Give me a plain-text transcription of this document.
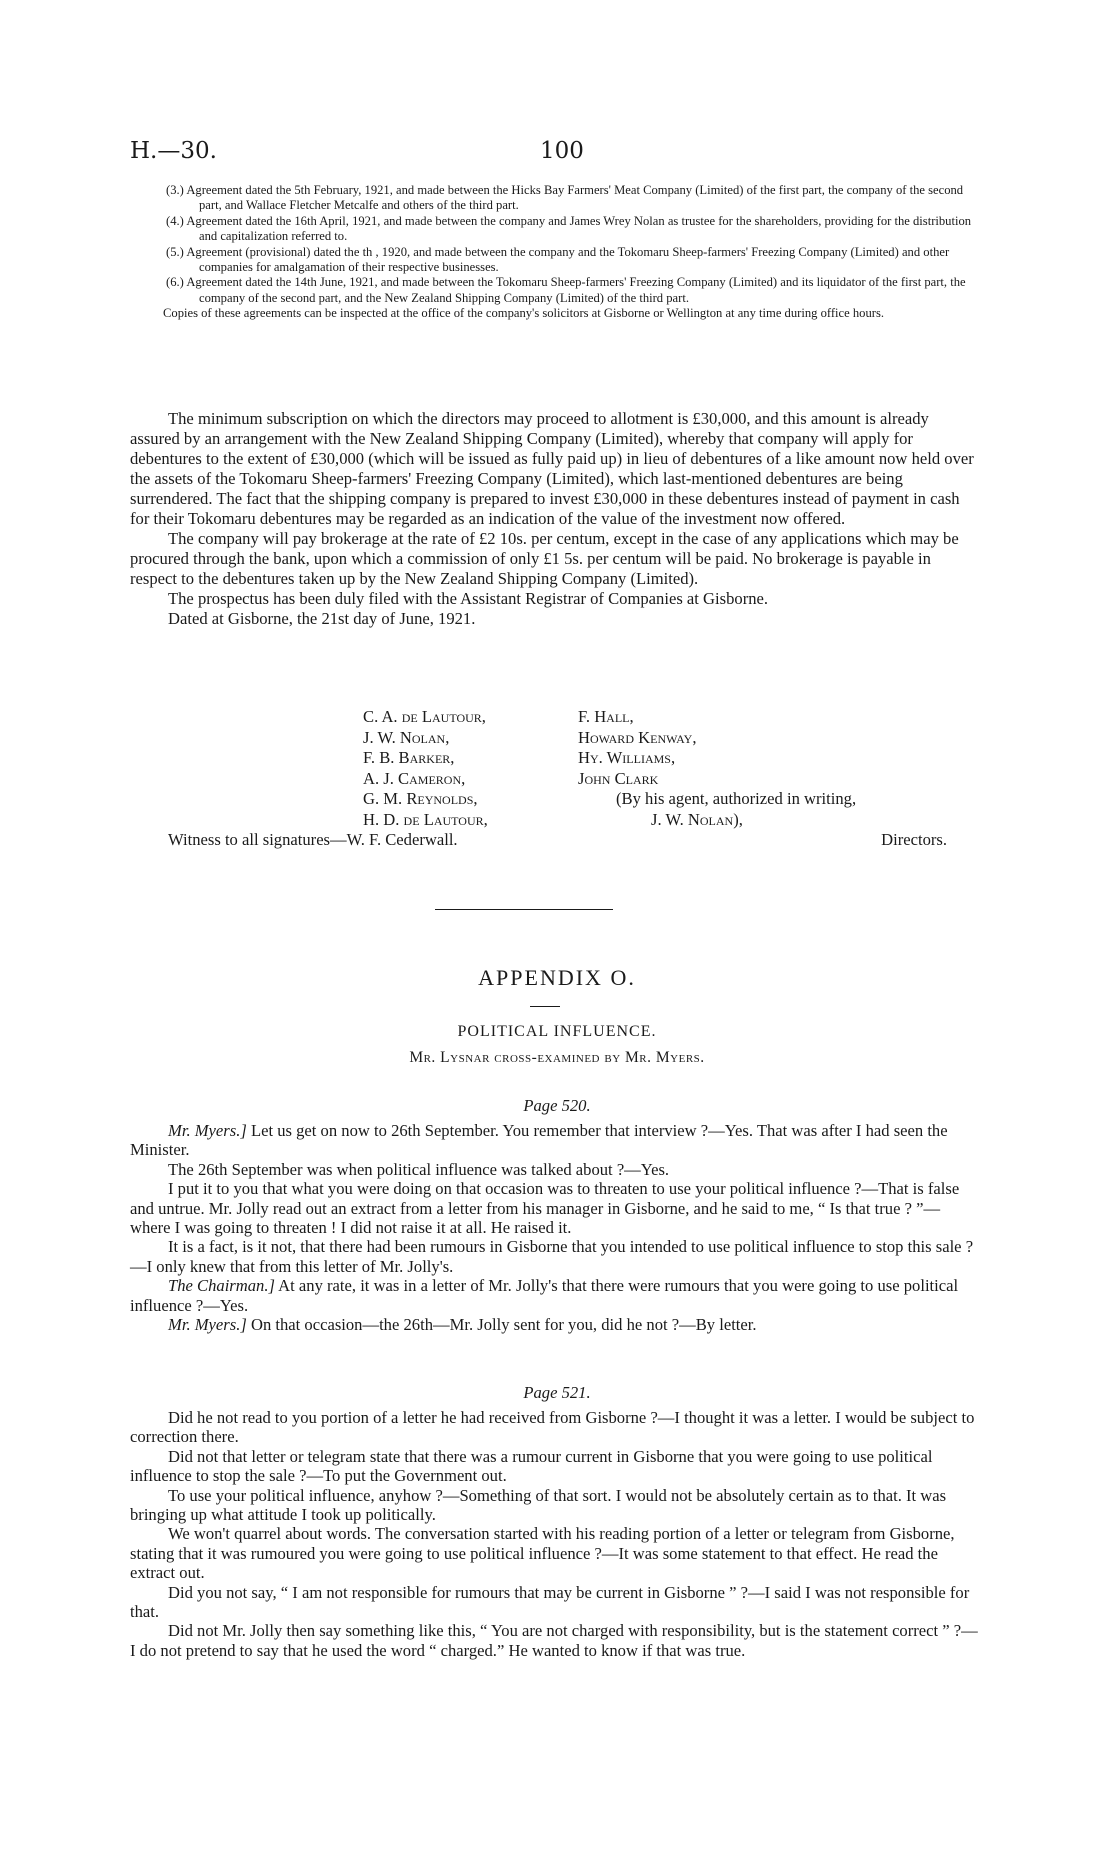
H.—30.	100

(3.) Agreement dated the 5th February, 1921, and made between the Hicks Bay Farmers' Meat Company (Limited) of the first part, the company of the second part, and Wallace Fletcher Metcalfe and others of the third part.

(4.) Agreement dated the 16th April, 1921, and made between the company and James Wrey Nolan as trustee for the shareholders, providing for the distribution and capitalization referred to.

(5.) Agreement (provisional) dated the th , 1920, and made between the company and the Tokomaru Sheep-farmers' Freezing Company (Limited) and other companies for amalgamation of their respective businesses.

(6.) Agreement dated the 14th June, 1921, and made between the Tokomaru Sheep-farmers' Freezing Company (Limited) and its liquidator of the first part, the company of the second part, and the New Zealand Shipping Company (Limited) of the third part.

Copies of these agreements can be inspected at the office of the company's solicitors at Gisborne or Wellington at any time during office hours.

The minimum subscription on which the directors may proceed to allotment is £30,000, and this amount is already assured by an arrangement with the New Zealand Shipping Company (Limited), whereby that company will apply for debentures to the extent of £30,000 (which will be issued as fully paid up) in lieu of debentures of a like amount now held over the assets of the Tokomaru Sheep-farmers' Freezing Company (Limited), which last-mentioned debentures are being surrendered. The fact that the shipping company is prepared to invest £30,000 in these debentures instead of payment in cash for their Tokomaru debentures may be regarded as an indication of the value of the investment now offered.

The company will pay brokerage at the rate of £2 10s. per centum, except in the case of any applications which may be procured through the bank, upon which a commission of only £1 5s. per centum will be paid. No brokerage is payable in respect to the debentures taken up by the New Zealand Shipping Company (Limited).

The prospectus has been duly filed with the Assistant Registrar of Companies at Gisborne.

Dated at Gisborne, the 21st day of June, 1921.

C. A. de Lautour,
J. W. Nolan,
F. B. Barker,
A. J. Cameron,
G. M. Reynolds,
H. D. de Lautour,
F. Hall,
Howard Kenway,
Hy. Williams,
John Clark
(By his agent, authorized in writing,
J. W. Nolan),
Witness to all signatures—W. F. Cederwall.	Directors.
APPENDIX O.
POLITICAL INFLUENCE.
Mr. Lysnar cross-examined by Mr. Myers.
Page 520.

Mr. Myers.] Let us get on now to 26th September. You remember that interview ?—Yes. That was after I had seen the Minister.

The 26th September was when political influence was talked about ?—Yes.

I put it to you that what you were doing on that occasion was to threaten to use your political influence ?—That is false and untrue. Mr. Jolly read out an extract from a letter from his manager in Gisborne, and he said to me, “ Is that true ? ”—where I was going to threaten ! I did not raise it at all. He raised it.

It is a fact, is it not, that there had been rumours in Gisborne that you intended to use political influence to stop this sale ?—I only knew that from this letter of Mr. Jolly's.

The Chairman.] At any rate, it was in a letter of Mr. Jolly's that there were rumours that you were going to use political influence ?—Yes.

Mr. Myers.] On that occasion—the 26th—Mr. Jolly sent for you, did he not ?—By letter.

Page 521.

Did he not read to you portion of a letter he had received from Gisborne ?—I thought it was a letter. I would be subject to correction there.

Did not that letter or telegram state that there was a rumour current in Gisborne that you were going to use political influence to stop the sale ?—To put the Government out.

To use your political influence, anyhow ?—Something of that sort. I would not be absolutely certain as to that. It was bringing up what attitude I took up politically.

We won't quarrel about words. The conversation started with his reading portion of a letter or telegram from Gisborne, stating that it was rumoured you were going to use political influence ?—It was some statement to that effect. He read the extract out.

Did you not say, “ I am not responsible for rumours that may be current in Gisborne ” ?—I said I was not responsible for that.

Did not Mr. Jolly then say something like this, “ You are not charged with responsibility, but is the statement correct ” ?—I do not pretend to say that he used the word “ charged.” He wanted to know if that was true.
